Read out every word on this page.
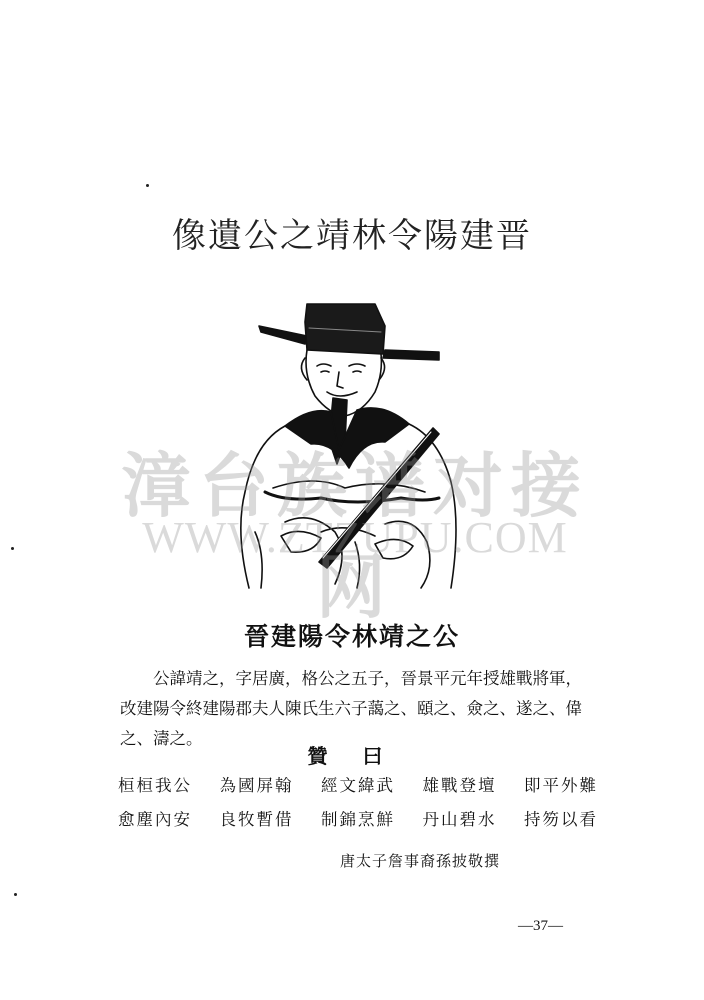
像遺公之靖林令陽建晋
漳台族谱对接网
WWW.ZTZUPU.COM
晉建陽令林靖之公
公諱靖之，字居廣，格公之五子，晉景平元年授雄戰將軍，改建陽令終建陽郡夫人陳氏生六子藹之、頤之、僉之、遂之、偉之、濤之。
贊 曰
桓桓我公 為國屏翰 經文緯武 雄戰登壇 即平外難
愈塵內安 良牧暫借 制錦烹鮮 丹山碧水 持笏以看
唐太子詹事裔孫披敬撰
—37—
